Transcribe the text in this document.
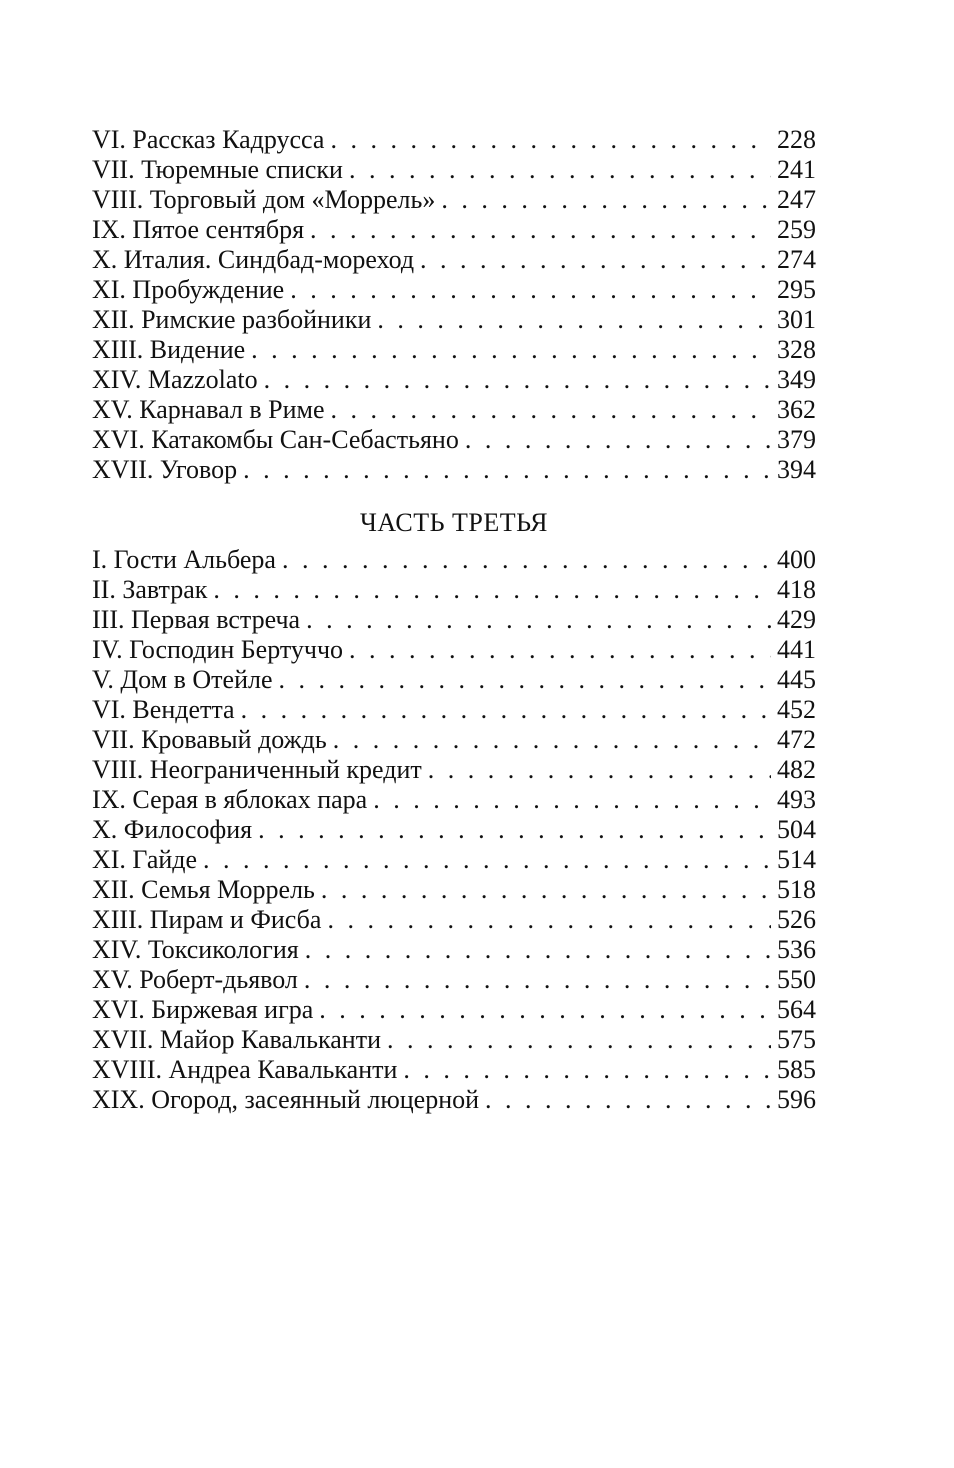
VI. Рассказ Кадрусса . . .	228
VII. Тюремные списки . . .	241
VIII. Торговый дом «Моррель» . . .	247
IX. Пятое сентября . . .	259
X. Италия. Синдбад-мореход . . .	274
XI. Пробуждение . . .	295
XII. Римские разбойники . . .	301
XIII. Видение . . .	328
XIV. Mazzolato . . .	349
XV. Карнавал в Риме . . .	362
XVI. Катакомбы Сан-Себастьяно . . .	379
XVII. Уговор . . .	394
ЧАСТЬ ТРЕТЬЯ
I. Гости Альбера . . .	400
II. Завтрак . . .	418
III. Первая встреча . . .	429
IV. Господин Бертуччо . . .	441
V. Дом в Отейле . . .	445
VI. Вендетта . . .	452
VII. Кровавый дождь . . .	472
VIII. Неограниченный кредит . . .	482
IX. Серая в яблоках пара . . .	493
X. Философия . . .	504
XI. Гайде . . .	514
XII. Семья Моррель . . .	518
XIII. Пирам и Фисба . . .	526
XIV. Токсикология . . .	536
XV. Роберт-дьявол . . .	550
XVI. Биржевая игра . . .	564
XVII. Майор Кавальканти . . .	575
XVIII. Андреа Кавальканти . . .	585
XIX. Огород, засеянный люцерной . . .	596
